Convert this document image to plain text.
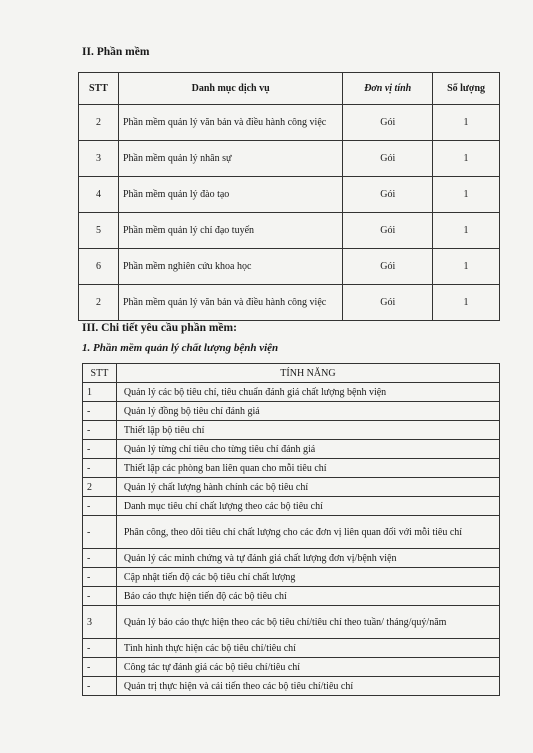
II. Phần mềm
STT	Danh mục dịch vụ	Đơn vị tính	Số lượng
2	Phần mềm quản lý văn bản và điều hành công việc	Gói	1
3	Phần mềm quản lý nhân sự	Gói	1
4	Phần mềm quản lý đào tạo	Gói	1
5	Phần mềm quản lý chỉ đạo tuyến	Gói	1
6	Phần mềm nghiên cứu khoa học	Gói	1
2	Phần mềm quản lý văn bản và điều hành công việc	Gói	1
III. Chi tiết yêu cầu phần mềm:
1. Phần mềm quản lý chất lượng bệnh viện
STT	TÍNH NĂNG
1	Quản lý các bộ tiêu chí, tiêu chuẩn đánh giá chất lượng bệnh viện
-	Quản lý đồng bộ tiêu chí đánh giá
-	Thiết lập bộ tiêu chí
-	Quản lý từng chỉ tiêu cho từng tiêu chí đánh giá
-	Thiết lập các phòng ban liên quan cho mỗi tiêu chí
2	Quản lý chất lượng hành chính các bộ tiêu chí
-	Danh mục tiêu chí chất lượng theo các bộ tiêu chí
-	Phân công, theo dõi tiêu chí chất lượng cho các đơn vị liên quan đối với mỗi tiêu chí
-	Quản lý các minh chứng và tự đánh giá chất lượng đơn vị/bệnh viện
-	Cập nhật tiến độ các bộ tiêu chí chất lượng
-	Báo cáo thực hiện tiến độ các bộ tiêu chí
3	Quản lý báo cáo thực hiện theo các bộ tiêu chí/tiêu chí theo tuần/ tháng/quý/năm
-	Tình hình thực hiện các bộ tiêu chí/tiêu chí
-	Công tác tự đánh giá các bộ tiêu chí/tiêu chí
-	Quản trị thực hiện và cải tiến theo các bộ tiêu chí/tiêu chí
